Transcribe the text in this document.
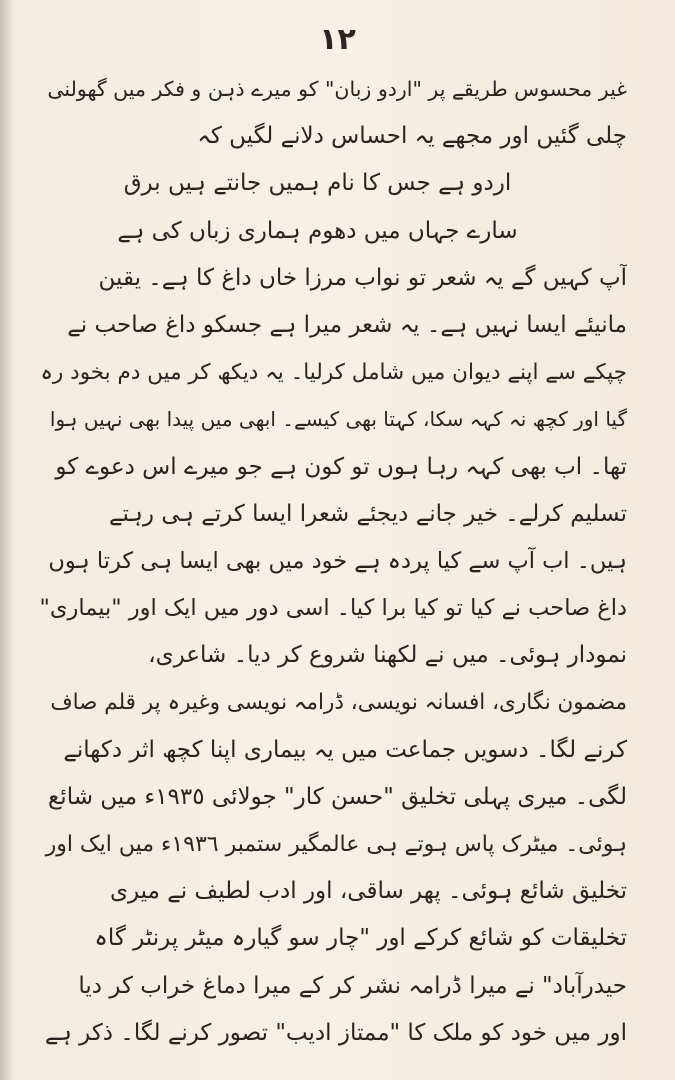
١٢
غیر محسوس طریقے پر "اردو زبان" کو میرے ذہن و فکر میں گھولنی
چلی گئیں اور مجھے یہ احساس دلانے لگیں کہ
اردو ہے جس کا نام ہمیں جانتے ہیں برق
سارے جہاں میں دھوم ہماری زباں کی ہے
آپ کہیں گے یہ شعر تو نواب مرزا خاں داغ کا ہے۔ یقین
مانیئے ایسا نہیں ہے۔ یہ شعر میرا ہے جسکو داغ صاحب نے
چپکے سے اپنے دیوان میں شامل کرلیا۔ یہ دیکھ کر میں دم بخود رہ
گیا اور کچھ نہ کہہ سکا، کہتا بھی کیسے۔ ابھی میں پیدا بھی نہیں ہوا
تھا۔ اب بھی کہہ رہا ہوں تو کون ہے جو میرے اس دعوے کو
تسلیم کرلے۔ خیر جانے دیجئے شعرا ایسا کرتے ہی رہتے
ہیں۔ اب آپ سے کیا پردہ ہے خود میں بھی ایسا ہی کرتا ہوں
داغ صاحب نے کیا تو کیا برا کیا۔ اسی دور میں ایک اور "بیماری"
نمودار ہوئی۔ میں نے لکھنا شروع کر دیا۔ شاعری،
مضمون نگاری، افسانہ نویسی، ڈرامہ نویسی وغیرہ پر قلم صاف
کرنے لگا۔ دسویں جماعت میں یہ بیماری اپنا کچھ اثر دکھانے
لگی۔ میری پہلی تخلیق "حسن کار" جولائی ١٩٣٥ء میں شائع
ہوئی۔ میٹرک پاس ہوتے ہی عالمگیر ستمبر ١٩٣٦ء میں ایک اور
تخلیق شائع ہوئی۔ پھر ساقی، اور ادب لطیف نے میری
تخلیقات کو شائع کرکے اور "چار سو گیارہ میٹر پرنٹر گاہ
حیدرآباد" نے میرا ڈرامہ نشر کر کے میرا دماغ خراب کر دیا
اور میں خود کو ملک کا "ممتاز ادیب" تصور کرنے لگا۔ ذکر ہے
